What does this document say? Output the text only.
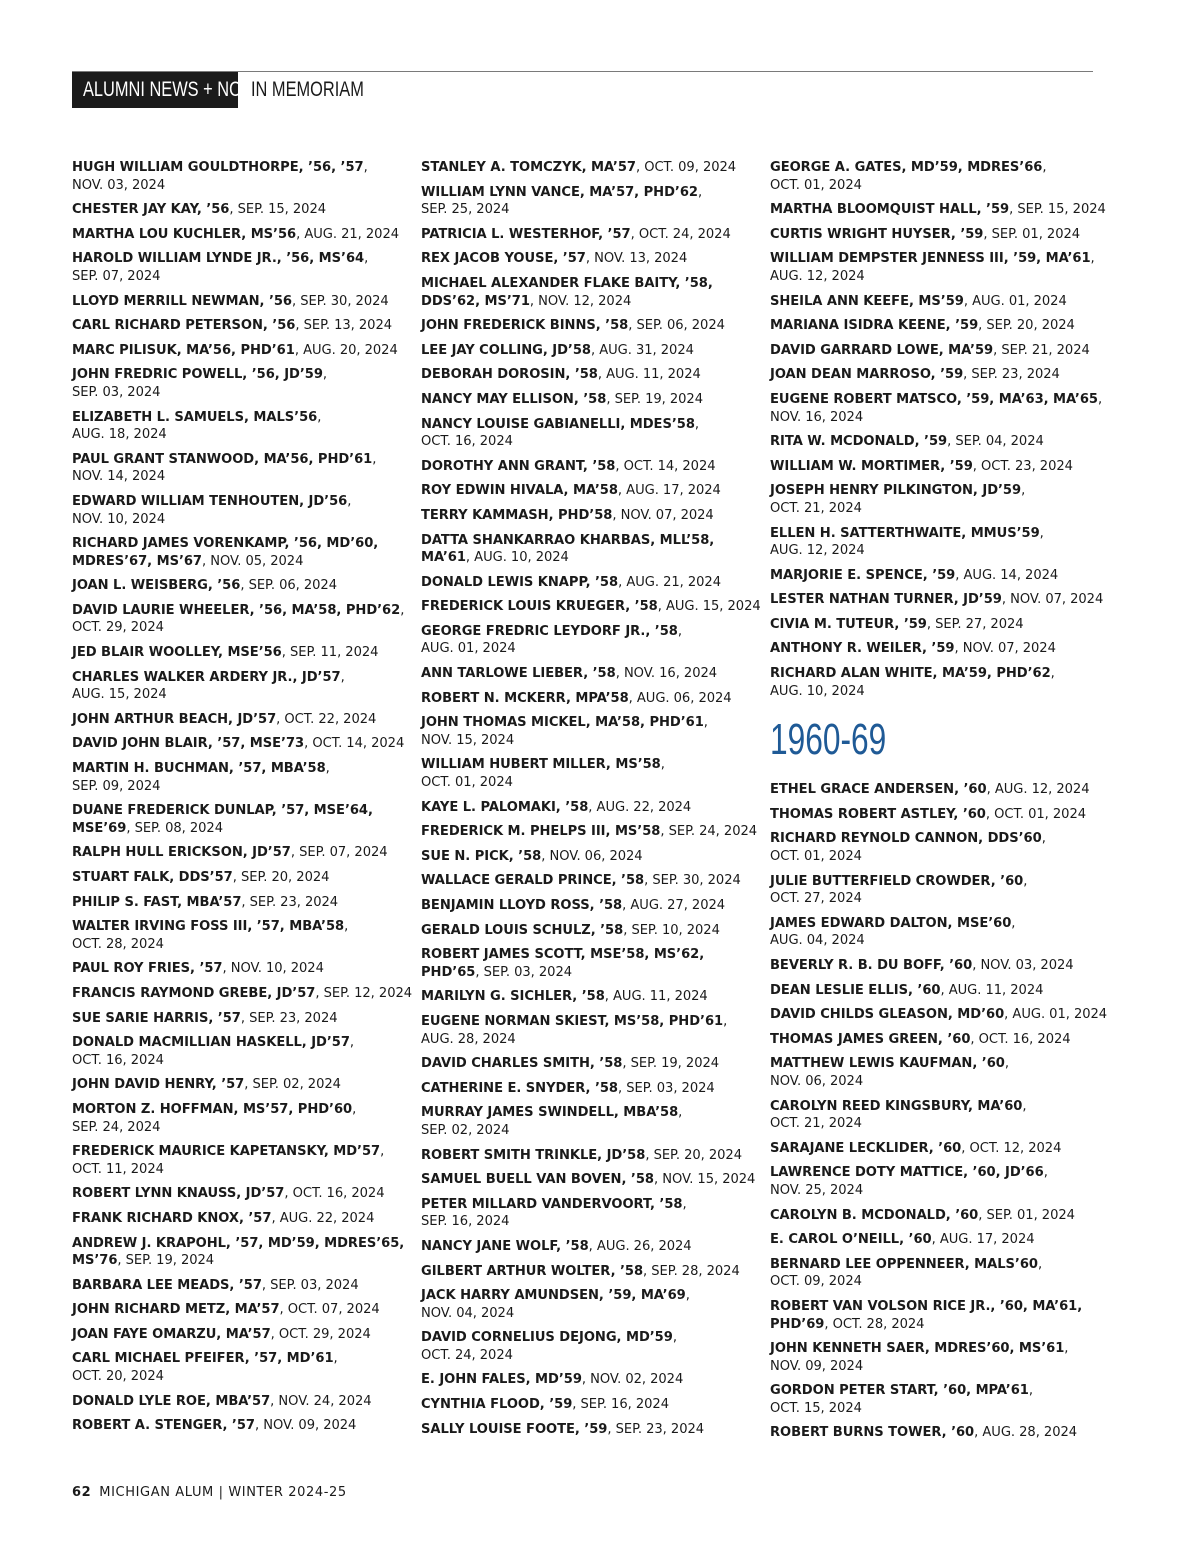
ALUMNI NEWS + NOTES
IN MEMORIAM
HUGH WILLIAM GOULDTHORPE, ’56, ’57,
NOV. 03, 2024
CHESTER JAY KAY, ’56, SEP. 15, 2024
MARTHA LOU KUCHLER, MS’56, AUG. 21, 2024
HAROLD WILLIAM LYNDE JR., ’56, MS’64,
SEP. 07, 2024
LLOYD MERRILL NEWMAN, ’56, SEP. 30, 2024
CARL RICHARD PETERSON, ’56, SEP. 13, 2024
MARC PILISUK, MA’56, PHD’61, AUG. 20, 2024
JOHN FREDRIC POWELL, ’56, JD’59,
SEP. 03, 2024
ELIZABETH L. SAMUELS, MALS’56,
AUG. 18, 2024
PAUL GRANT STANWOOD, MA’56, PHD’61,
NOV. 14, 2024
EDWARD WILLIAM TENHOUTEN, JD’56,
NOV. 10, 2024
RICHARD JAMES VORENKAMP, ’56, MD’60, MDRES’67, MS’67, NOV. 05, 2024
JOAN L. WEISBERG, ’56, SEP. 06, 2024
DAVID LAURIE WHEELER, ’56, MA’58, PHD’62,
OCT. 29, 2024
JED BLAIR WOOLLEY, MSE’56, SEP. 11, 2024
CHARLES WALKER ARDERY JR., JD’57,
AUG. 15, 2024
JOHN ARTHUR BEACH, JD’57, OCT. 22, 2024
DAVID JOHN BLAIR, ’57, MSE’73, OCT. 14, 2024
MARTIN H. BUCHMAN, ’57, MBA’58,
SEP. 09, 2024
DUANE FREDERICK DUNLAP, ’57, MSE’64, MSE’69, SEP. 08, 2024
RALPH HULL ERICKSON, JD’57, SEP. 07, 2024
STUART FALK, DDS’57, SEP. 20, 2024
PHILIP S. FAST, MBA’57, SEP. 23, 2024
WALTER IRVING FOSS III, ’57, MBA’58,
OCT. 28, 2024
PAUL ROY FRIES, ’57, NOV. 10, 2024
FRANCIS RAYMOND GREBE, JD’57, SEP. 12, 2024
SUE SARIE HARRIS, ’57, SEP. 23, 2024
DONALD MACMILLIAN HASKELL, JD’57,
OCT. 16, 2024
JOHN DAVID HENRY, ’57, SEP. 02, 2024
MORTON Z. HOFFMAN, MS’57, PHD’60,
SEP. 24, 2024
FREDERICK MAURICE KAPETANSKY, MD’57,
OCT. 11, 2024
ROBERT LYNN KNAUSS, JD’57, OCT. 16, 2024
FRANK RICHARD KNOX, ’57, AUG. 22, 2024
ANDREW J. KRAPOHL, ’57, MD’59, MDRES’65, MS’76, SEP. 19, 2024
BARBARA LEE MEADS, ’57, SEP. 03, 2024
JOHN RICHARD METZ, MA’57, OCT. 07, 2024
JOAN FAYE OMARZU, MA’57, OCT. 29, 2024
CARL MICHAEL PFEIFER, ’57, MD’61,
OCT. 20, 2024
DONALD LYLE ROE, MBA’57, NOV. 24, 2024
ROBERT A. STENGER, ’57, NOV. 09, 2024
STANLEY A. TOMCZYK, MA’57, OCT. 09, 2024
WILLIAM LYNN VANCE, MA’57, PHD’62,
SEP. 25, 2024
PATRICIA L. WESTERHOF, ’57, OCT. 24, 2024
REX JACOB YOUSE, ’57, NOV. 13, 2024
MICHAEL ALEXANDER FLAKE BAITY, ’58, DDS’62, MS’71, NOV. 12, 2024
JOHN FREDERICK BINNS, ’58, SEP. 06, 2024
LEE JAY COLLING, JD’58, AUG. 31, 2024
DEBORAH DOROSIN, ’58, AUG. 11, 2024
NANCY MAY ELLISON, ’58, SEP. 19, 2024
NANCY LOUISE GABIANELLI, MDES’58,
OCT. 16, 2024
DOROTHY ANN GRANT, ’58, OCT. 14, 2024
ROY EDWIN HIVALA, MA’58, AUG. 17, 2024
TERRY KAMMASH, PHD’58, NOV. 07, 2024
DATTA SHANKARRAO KHARBAS, MLL’58, MA’61, AUG. 10, 2024
DONALD LEWIS KNAPP, ’58, AUG. 21, 2024
FREDERICK LOUIS KRUEGER, ’58, AUG. 15, 2024
GEORGE FREDRIC LEYDORF JR., ’58,
AUG. 01, 2024
ANN TARLOWE LIEBER, ’58, NOV. 16, 2024
ROBERT N. MCKERR, MPA’58, AUG. 06, 2024
JOHN THOMAS MICKEL, MA’58, PHD’61,
NOV. 15, 2024
WILLIAM HUBERT MILLER, MS’58,
OCT. 01, 2024
KAYE L. PALOMAKI, ’58, AUG. 22, 2024
FREDERICK M. PHELPS III, MS’58, SEP. 24, 2024
SUE N. PICK, ’58, NOV. 06, 2024
WALLACE GERALD PRINCE, ’58, SEP. 30, 2024
BENJAMIN LLOYD ROSS, ’58, AUG. 27, 2024
GERALD LOUIS SCHULZ, ’58, SEP. 10, 2024
ROBERT JAMES SCOTT, MSE’58, MS’62, PHD’65, SEP. 03, 2024
MARILYN G. SICHLER, ’58, AUG. 11, 2024
EUGENE NORMAN SKIEST, MS’58, PHD’61,
AUG. 28, 2024
DAVID CHARLES SMITH, ’58, SEP. 19, 2024
CATHERINE E. SNYDER, ’58, SEP. 03, 2024
MURRAY JAMES SWINDELL, MBA’58,
SEP. 02, 2024
ROBERT SMITH TRINKLE, JD’58, SEP. 20, 2024
SAMUEL BUELL VAN BOVEN, ’58, NOV. 15, 2024
PETER MILLARD VANDERVOORT, ’58,
SEP. 16, 2024
NANCY JANE WOLF, ’58, AUG. 26, 2024
GILBERT ARTHUR WOLTER, ’58, SEP. 28, 2024
JACK HARRY AMUNDSEN, ’59, MA’69,
NOV. 04, 2024
DAVID CORNELIUS DEJONG, MD’59,
OCT. 24, 2024
E. JOHN FALES, MD’59, NOV. 02, 2024
CYNTHIA FLOOD, ’59, SEP. 16, 2024
SALLY LOUISE FOOTE, ’59, SEP. 23, 2024
GEORGE A. GATES, MD’59, MDRES’66,
OCT. 01, 2024
MARTHA BLOOMQUIST HALL, ’59, SEP. 15, 2024
CURTIS WRIGHT HUYSER, ’59, SEP. 01, 2024
WILLIAM DEMPSTER JENNESS III, ’59, MA’61,
AUG. 12, 2024
SHEILA ANN KEEFE, MS’59, AUG. 01, 2024
MARIANA ISIDRA KEENE, ’59, SEP. 20, 2024
DAVID GARRARD LOWE, MA’59, SEP. 21, 2024
JOAN DEAN MARROSO, ’59, SEP. 23, 2024
EUGENE ROBERT MATSCO, ’59, MA’63, MA’65, NOV. 16, 2024
RITA W. MCDONALD, ’59, SEP. 04, 2024
WILLIAM W. MORTIMER, ’59, OCT. 23, 2024
JOSEPH HENRY PILKINGTON, JD’59,
OCT. 21, 2024
ELLEN H. SATTERTHWAITE, MMUS’59,
AUG. 12, 2024
MARJORIE E. SPENCE, ’59, AUG. 14, 2024
LESTER NATHAN TURNER, JD’59, NOV. 07, 2024
CIVIA M. TUTEUR, ’59, SEP. 27, 2024
ANTHONY R. WEILER, ’59, NOV. 07, 2024
RICHARD ALAN WHITE, MA’59, PHD’62,
AUG. 10, 2024
1960-69
ETHEL GRACE ANDERSEN, ’60, AUG. 12, 2024
THOMAS ROBERT ASTLEY, ’60, OCT. 01, 2024
RICHARD REYNOLD CANNON, DDS’60,
OCT. 01, 2024
JULIE BUTTERFIELD CROWDER, ’60,
OCT. 27, 2024
JAMES EDWARD DALTON, MSE’60,
AUG. 04, 2024
BEVERLY R. B. DU BOFF, ’60, NOV. 03, 2024
DEAN LESLIE ELLIS, ’60, AUG. 11, 2024
DAVID CHILDS GLEASON, MD’60, AUG. 01, 2024
THOMAS JAMES GREEN, ’60, OCT. 16, 2024
MATTHEW LEWIS KAUFMAN, ’60,
NOV. 06, 2024
CAROLYN REED KINGSBURY, MA’60,
OCT. 21, 2024
SARAJANE LECKLIDER, ’60, OCT. 12, 2024
LAWRENCE DOTY MATTICE, ’60, JD’66,
NOV. 25, 2024
CAROLYN B. MCDONALD, ’60, SEP. 01, 2024
E. CAROL O’NEILL, ’60, AUG. 17, 2024
BERNARD LEE OPPENNEER, MALS’60,
OCT. 09, 2024
ROBERT VAN VOLSON RICE JR., ’60, MA’61, PHD’69, OCT. 28, 2024
JOHN KENNETH SAER, MDRES’60, MS’61,
NOV. 09, 2024
GORDON PETER START, ’60, MPA’61,
OCT. 15, 2024
ROBERT BURNS TOWER, ’60, AUG. 28, 2024
62 MICHIGAN ALUM | WINTER 2024-25
